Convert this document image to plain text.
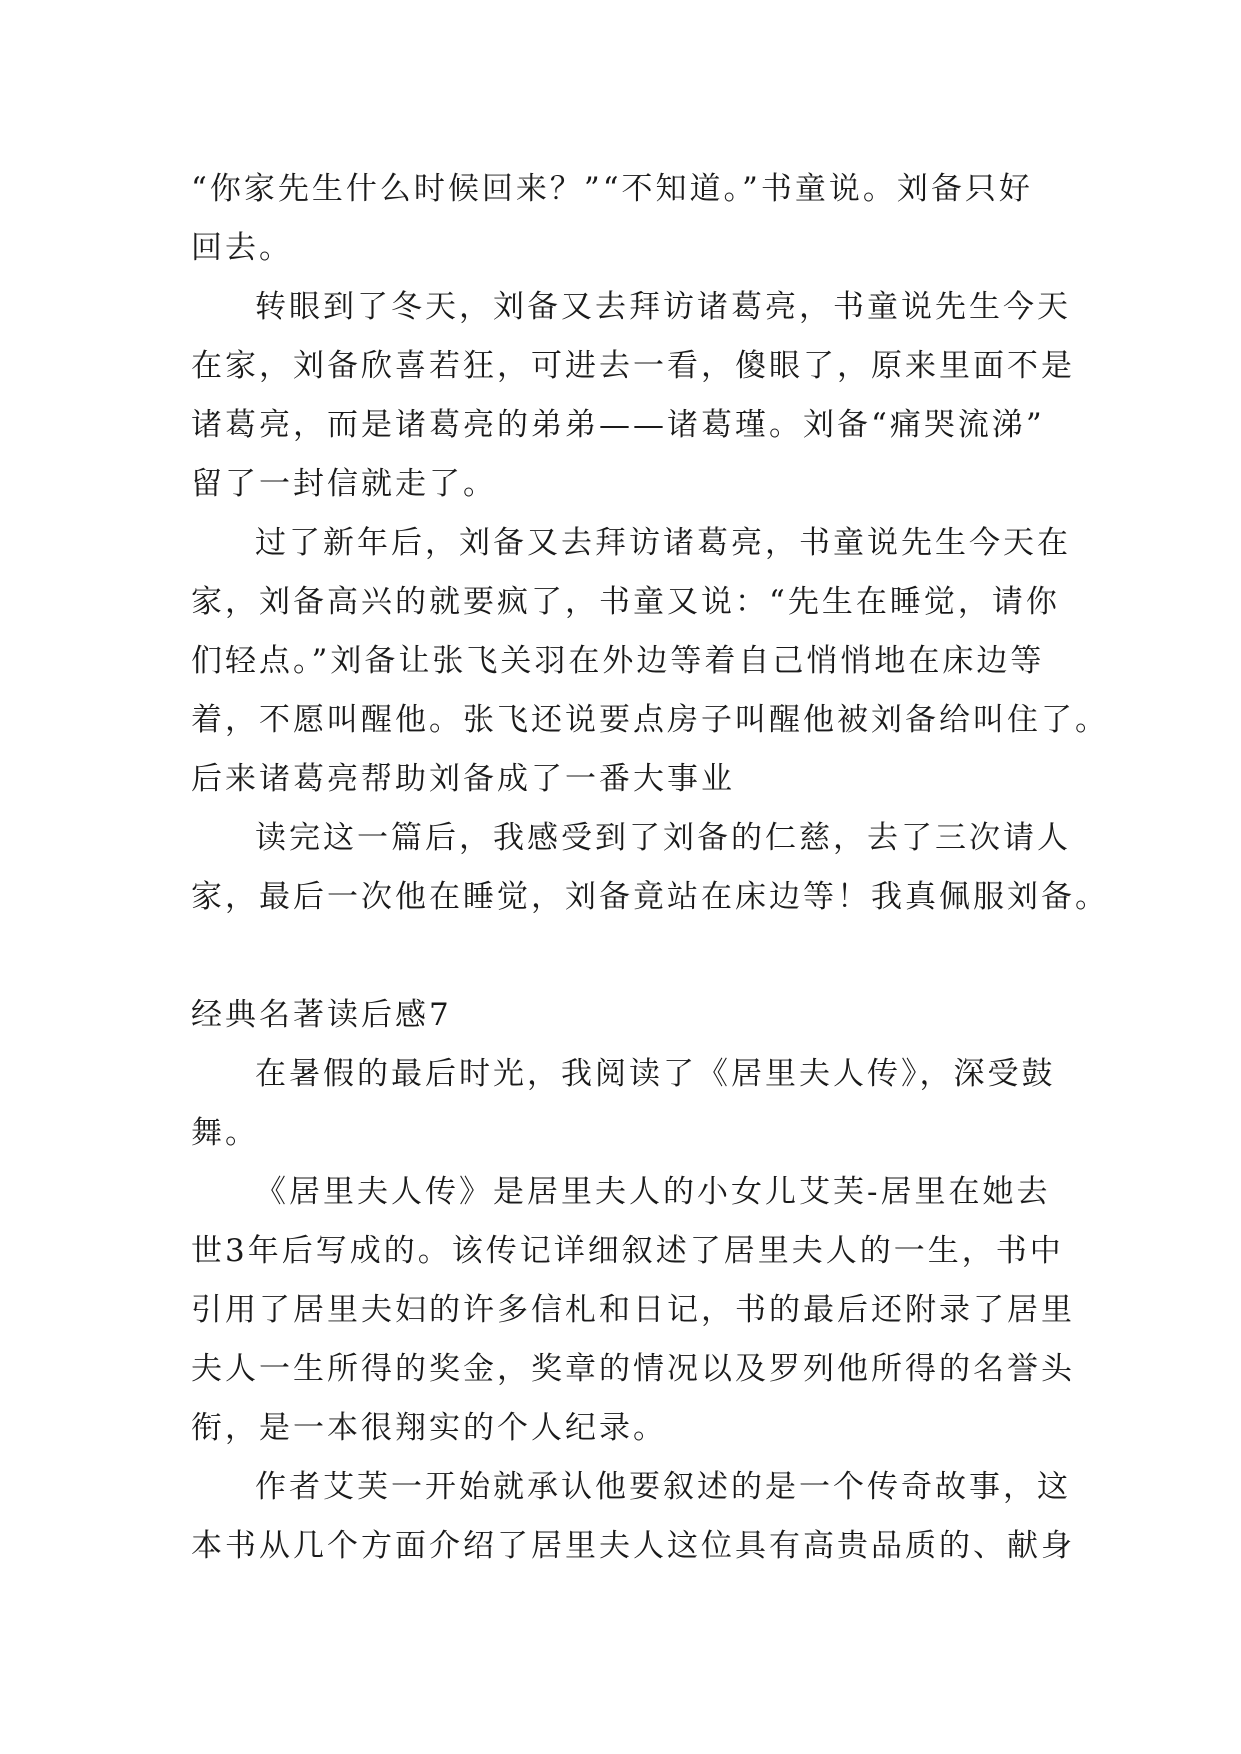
“你家先生什么时候回来？”“不知道。”书童说。刘备只好
回去。

转眼到了冬天，刘备又去拜访诸葛亮，书童说先生今天
在家，刘备欣喜若狂，可进去一看，傻眼了，原来里面不是
诸葛亮，而是诸葛亮的弟弟——诸葛瑾。刘备“痛哭流涕”
留了一封信就走了。

过了新年后，刘备又去拜访诸葛亮，书童说先生今天在
家，刘备高兴的就要疯了，书童又说：“先生在睡觉，请你
们轻点。”刘备让张飞关羽在外边等着自己悄悄地在床边等
着，不愿叫醒他。张飞还说要点房子叫醒他被刘备给叫住了。
后来诸葛亮帮助刘备成了一番大事业

读完这一篇后，我感受到了刘备的仁慈，去了三次请人
家，最后一次他在睡觉，刘备竟站在床边等！我真佩服刘备。

经典名著读后感7

在暑假的最后时光，我阅读了《居里夫人传》，深受鼓
舞。

《居里夫人传》是居里夫人的小女儿艾芙-居里在她去
世3年后写成的。该传记详细叙述了居里夫人的一生，书中
引用了居里夫妇的许多信札和日记，书的最后还附录了居里
夫人一生所得的奖金，奖章的情况以及罗列他所得的名誉头
衔，是一本很翔实的个人纪录。

作者艾芙一开始就承认他要叙述的是一个传奇故事，这
本书从几个方面介绍了居里夫人这位具有高贵品质的、献身
